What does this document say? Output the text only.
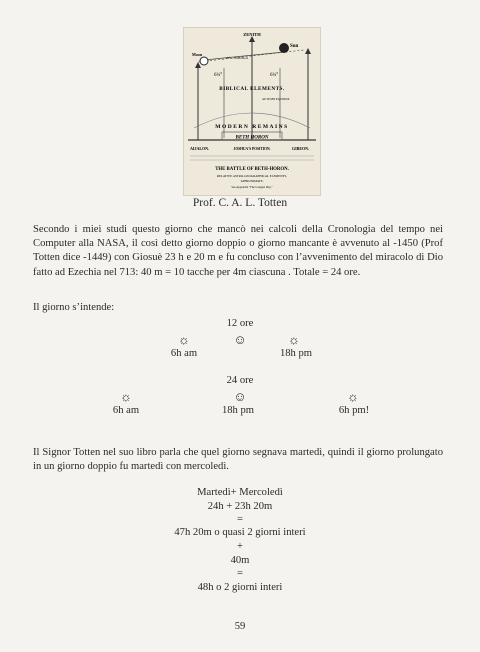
ZENITH
Sun
Moon
23° — from moon
6¼°	6¼°
BIBLICAL ELEMENTS.
AUTUMN EQUINOX
MODERN REMAINS
BETH HORON
AIJALON.	JOSHUA'S POSITION.	GIBEON.
THE BATTLE OF BETH-HORON.
RELATIVE ASTRO-GEOGRAPHICAL ELEMENTS,
APPROXIMATE.
See Appendix "The Longest Day."
Prof. C. A. L. Totten
Secondo i miei studi questo giorno che mancò nei calcoli della Cronologia del tempo nei Computer alla NASA, il così detto giorno doppio o giorno mancante è avvenuto al -1450 (Prof Totten dice -1449) con Giosuè 23 h e 20 m e fu concluso con l’avvenimento del miracolo di Dio fatto ad Ezechia nel 713: 40 m = 10 tacche per 4m ciascuna . Totale = 24 ore.
Il giorno s’intende:
12 ore
☼	☺	☼
6h am	18h pm
24 ore
☼	☺	☼
6h am	18h pm	6h pm!
Il Signor Totten nel suo libro parla che quel giorno segnava martedì, quindi il giorno prolungato in un giorno doppio fu martedì con mercoledì.
Martedì+ Mercoledì
24h + 23h 20m
=
47h 20m o quasi 2 giorni interi
+
40m
=
48h o 2 giorni interi
59
